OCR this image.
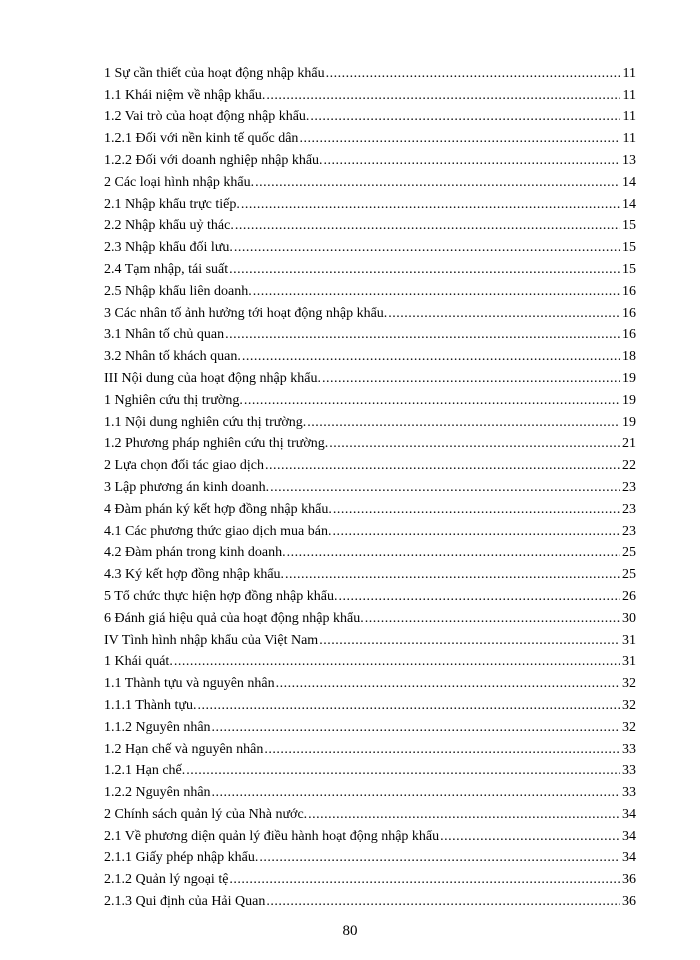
1 Sự cần thiết của hoạt động nhập khẩu .....	11
1.1 Khái niệm về nhập khẩu. .....	11
1.2 Vai trò của hoạt động nhập khẩu. .....	11
1.2.1 Đối với nền kinh tế quốc dân .....	11
1.2.2 Đối với doanh nghiệp nhập khẩu. .....	13
2 Các loại hình nhập khẩu. .....	14
2.1 Nhập khẩu trực tiếp. .....	14
2.2 Nhập khẩu uỷ thác. .....	15
2.3 Nhập khẩu đối lưu. .....	15
2.4 Tạm nhập, tái suất .....	15
2.5 Nhập khẩu liên doanh. .....	16
3 Các nhân tố ảnh hưởng tới hoạt động nhập khẩu. .....	16
3.1 Nhân tố chủ quan .....	16
3.2 Nhân tố khách quan. .....	18
III Nội dung của hoạt động nhập khẩu. .....	19
1 Nghiên cứu thị trường. .....	19
1.1 Nội dung nghiên cứu thị trường. .....	19
1.2 Phương pháp nghiên cứu thị trường. .....	21
2 Lựa chọn đối tác giao dịch .....	22
3 Lập phương án kinh doanh. .....	23
4 Đàm phán ký kết hợp đồng nhập khẩu. .....	23
4.1 Các phương thức giao dịch mua bán. .....	23
4.2 Đàm phán trong kinh doanh. .....	25
4.3 Ký kết hợp đồng nhập khẩu. .....	25
5 Tổ chức thực hiện hợp đồng nhập khẩu. .....	26
6 Đánh giá hiệu quả của hoạt động nhập khẩu. .....	30
IV Tình hình nhập khẩu của Việt Nam .....	31
1 Khái quát. .....	31
1.1 Thành tựu và nguyên nhân .....	32
1.1.1 Thành tựu. .....	32
1.1.2 Nguyên nhân .....	32
1.2 Hạn chế và nguyên nhân .....	33
1.2.1 Hạn chế. .....	33
1.2.2 Nguyên nhân .....	33
2 Chính sách quản lý của Nhà nước. .....	34
2.1 Về phương diện quản lý điều hành hoạt động nhập khẩu .....	34
2.1.1 Giấy phép nhập khẩu. .....	34
2.1.2 Quản lý ngoại tệ .....	36
2.1.3 Qui định của Hải Quan .....	36
80
